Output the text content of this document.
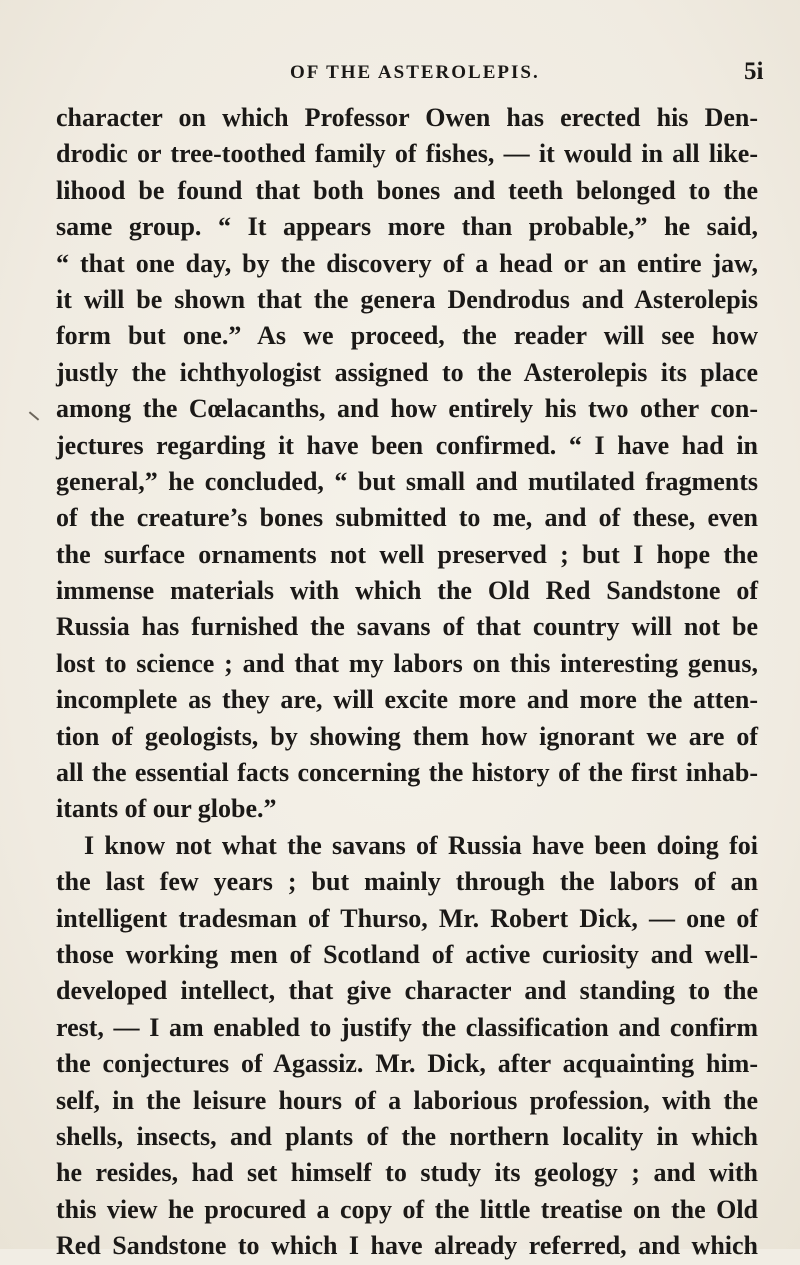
OF THE ASTEROLEPIS.	5i
character on which Professor Owen has erected his Den-
drodic or tree-toothed family of fishes, — it would in all like-
lihood be found that both bones and teeth belonged to the
same group. “ It appears more than probable,” he said,
“ that one day, by the discovery of a head or an entire jaw,
it will be shown that the genera Dendrodus and Asterolepis
form but one.” As we proceed, the reader will see how
justly the ichthyologist assigned to the Asterolepis its place
among the Cœlacanths, and how entirely his two other con-
jectures regarding it have been confirmed. “ I have had in
general,” he concluded, “ but small and mutilated fragments
of the creature’s bones submitted to me, and of these, even
the surface ornaments not well preserved ; but I hope the
immense materials with which the Old Red Sandstone of
Russia has furnished the savans of that country will not be
lost to science ; and that my labors on this interesting genus,
incomplete as they are, will excite more and more the atten-
tion of geologists, by showing them how ignorant we are of
all the essential facts concerning the history of the first inhab-
itants of our globe.”
I know not what the savans of Russia have been doing foi
the last few years ; but mainly through the labors of an
intelligent tradesman of Thurso, Mr. Robert Dick, — one of
those working men of Scotland of active curiosity and well-
developed intellect, that give character and standing to the
rest, — I am enabled to justify the classification and confirm
the conjectures of Agassiz. Mr. Dick, after acquainting him-
self, in the leisure hours of a laborious profession, with the
shells, insects, and plants of the northern locality in which
he resides, had set himself to study its geology ; and with
this view he procured a copy of the little treatise on the Old
Red Sandstone to which I have already referred, and which
